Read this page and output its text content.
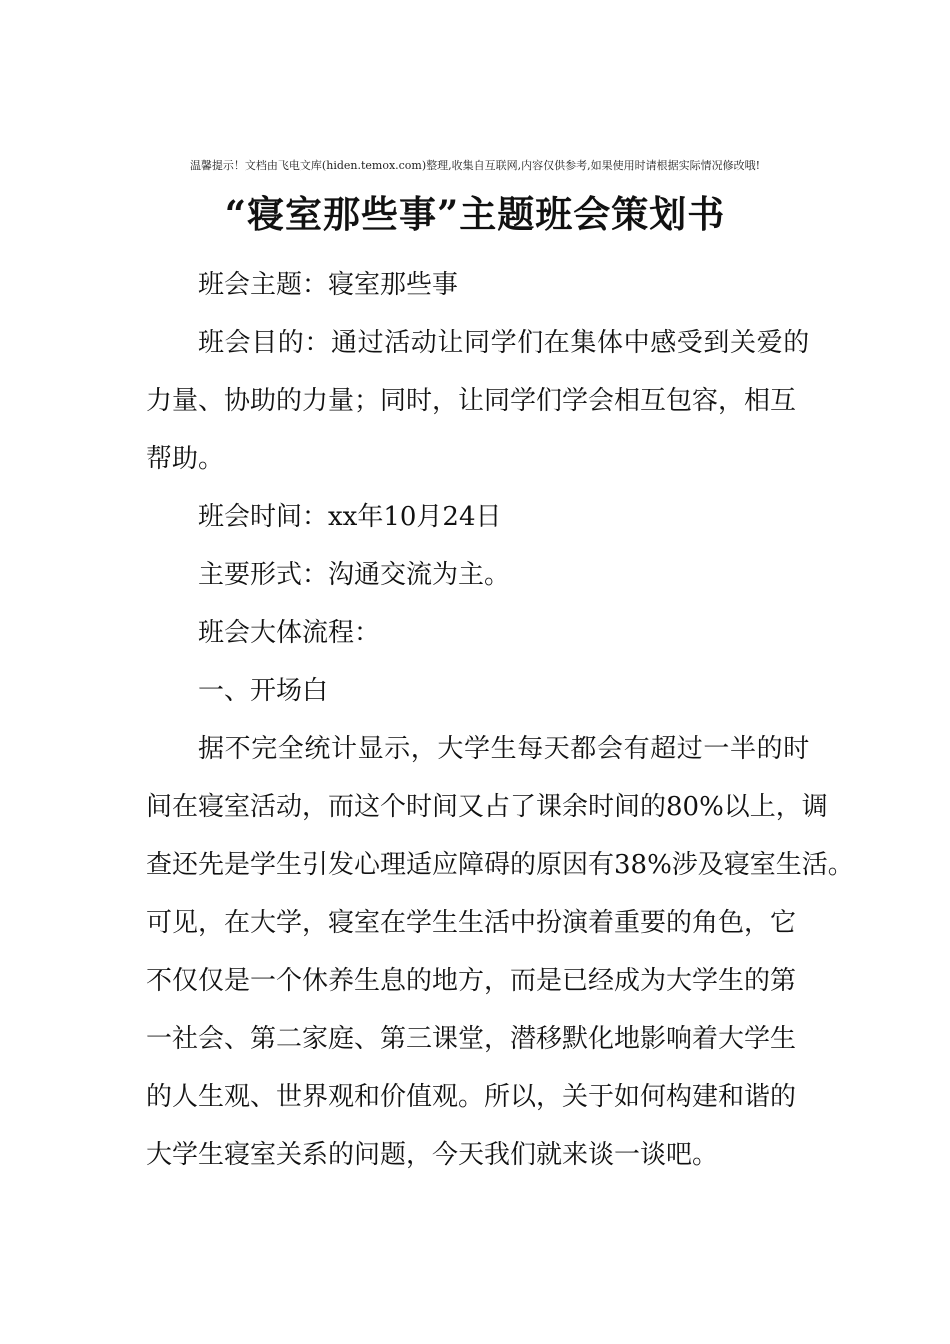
温馨提示！文档由飞电文库(hiden.temox.com)整理,收集自互联网,内容仅供参考,如果使用时请根据实际情况修改哦!
“寝室那些事”主题班会策划书
班会主题：寝室那些事
班会目的：通过活动让同学们在集体中感受到关爱的
力量、协助的力量；同时，让同学们学会相互包容，相互
帮助。
班会时间：xx年10月24日
主要形式：沟通交流为主。
班会大体流程：
一、开场白
据不完全统计显示，大学生每天都会有超过一半的时
间在寝室活动，而这个时间又占了课余时间的80%以上，调
查还先是学生引发心理适应障碍的原因有38%涉及寝室生活。
可见，在大学，寝室在学生生活中扮演着重要的角色，它
不仅仅是一个休养生息的地方，而是已经成为大学生的第
一社会、第二家庭、第三课堂，潜移默化地影响着大学生
的人生观、世界观和价值观。所以，关于如何构建和谐的
大学生寝室关系的问题，今天我们就来谈一谈吧。
